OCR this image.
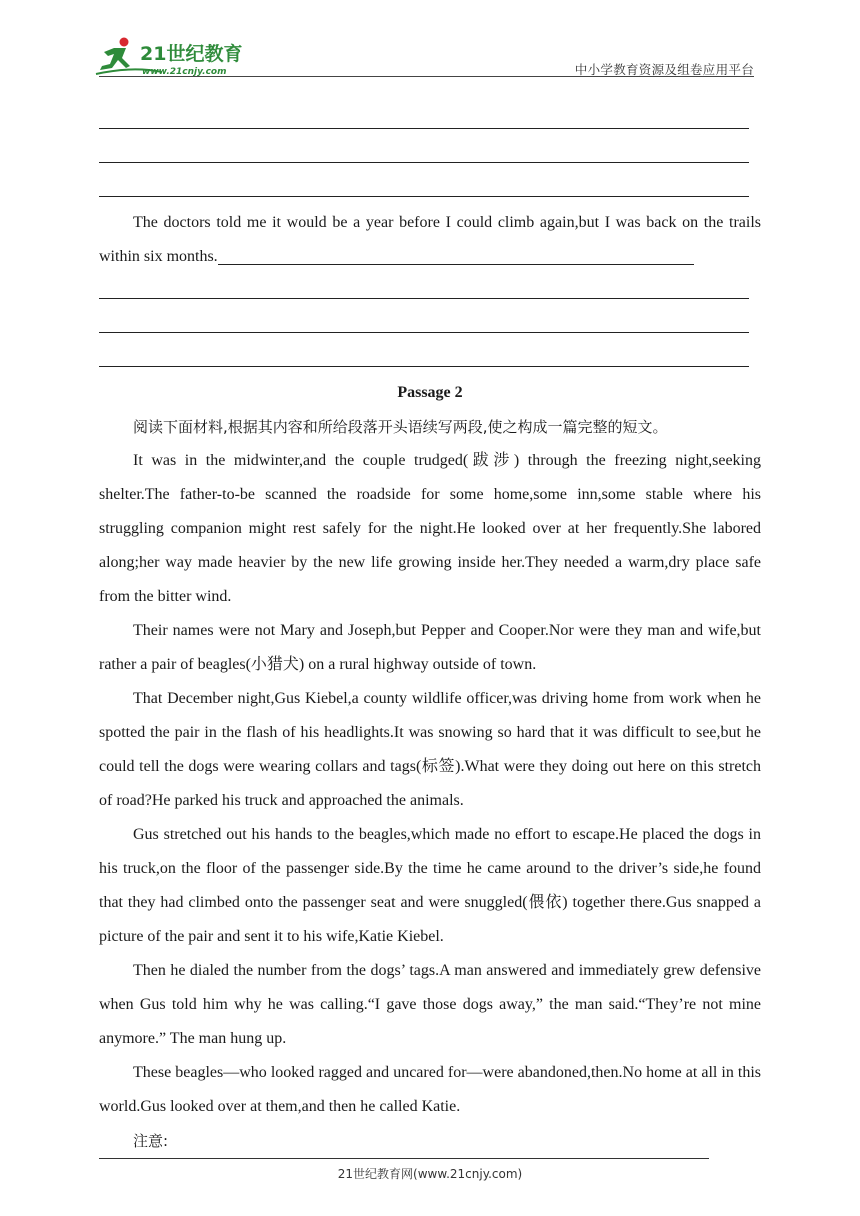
21世纪教育
www.21cnjy.com	中小学教育资源及组卷应用平台

The doctors told me it would be a year before I could climb again,but I was back on the trails within six months.

Passage 2

阅读下面材料,根据其内容和所给段落开头语续写两段,使之构成一篇完整的短文。

It was in the midwinter,and the couple trudged(跋涉) through the freezing night,seeking shelter.The father-to-be scanned the roadside for some home,some inn,some stable where his struggling companion might rest safely for the night.He looked over at her frequently.She labored along;her way made heavier by the new life growing inside her.They needed a warm,dry place safe from the bitter wind.

Their names were not Mary and Joseph,but Pepper and Cooper.Nor were they man and wife,but rather a pair of beagles(小猎犬) on a rural highway outside of town.

That December night,Gus Kiebel,a county wildlife officer,was driving home from work when he spotted the pair in the flash of his headlights.It was snowing so hard that it was difficult to see,but he could tell the dogs were wearing collars and tags(标签).What were they doing out here on this stretch of road?He parked his truck and approached the animals.

Gus stretched out his hands to the beagles,which made no effort to escape.He placed the dogs in his truck,on the floor of the passenger side.By the time he came around to the driver’s side,he found that they had climbed onto the passenger seat and were snuggled(偎依) together there.Gus snapped a picture of the pair and sent it to his wife,Katie Kiebel.

Then he dialed the number from the dogs’ tags.A man answered and immediately grew defensive when Gus told him why he was calling.“I gave those dogs away,” the man said.“They’re not mine anymore.” The man hung up.

These beagles—who looked ragged and uncared for—were abandoned,then.No home at all in this world.Gus looked over at them,and then he called Katie.

注意:

21世纪教育网(www.21cnjy.com)
